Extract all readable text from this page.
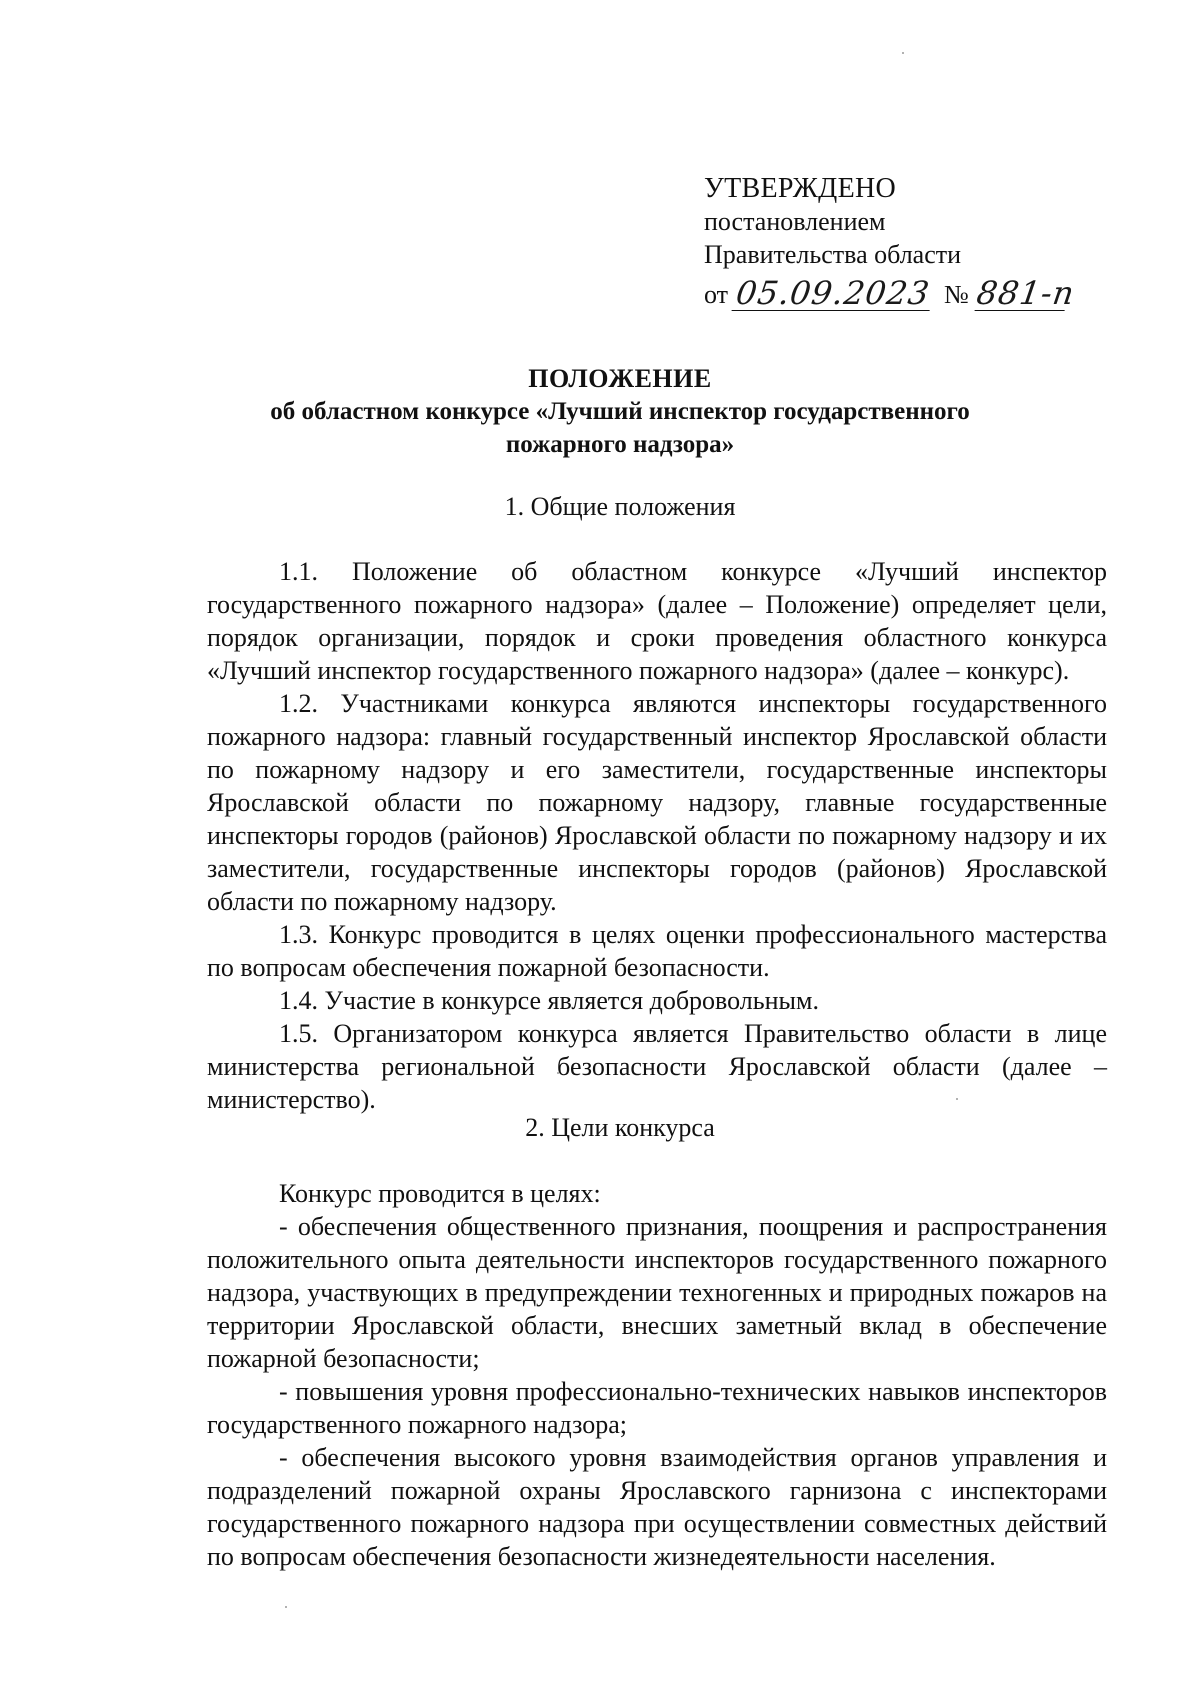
УТВЕРЖДЕНО
постановлением
Правительства области
от 05.09.2023 № 881-п
ПОЛОЖЕНИЕ
об областном конкурсе «Лучший инспектор государственного
пожарного надзора»
1. Общие положения

1.1. Положение об областном конкурсе «Лучший инспектор государственного пожарного надзора» (далее – Положение) определяет цели, порядок организации, порядок и сроки проведения областного конкурса «Лучший инспектор государственного пожарного надзора» (далее – конкурс).

1.2. Участниками конкурса являются инспекторы государственного пожарного надзора: главный государственный инспектор Ярославской области по пожарному надзору и его заместители, государственные инспекторы Ярославской области по пожарному надзору, главные государственные инспекторы городов (районов) Ярославской области по пожарному надзору и их заместители, государственные инспекторы городов (районов) Ярославской области по пожарному надзору.

1.3. Конкурс проводится в целях оценки профессионального мастерства по вопросам обеспечения пожарной безопасности.

1.4. Участие в конкурсе является добровольным.

1.5. Организатором конкурса является Правительство области в лице министерства региональной безопасности Ярославской области (далее – министерство).

2. Цели конкурса

Конкурс проводится в целях:

- обеспечения общественного признания, поощрения и распространения положительного опыта деятельности инспекторов государственного пожарного надзора, участвующих в предупреждении техногенных и природных пожаров на территории Ярославской области, внесших заметный вклад в обеспечение пожарной безопасности;

- повышения уровня профессионально-технических навыков инспекторов государственного пожарного надзора;

- обеспечения высокого уровня взаимодействия органов управления и подразделений пожарной охраны Ярославского гарнизона с инспекторами государственного пожарного надзора при осуществлении совместных действий по вопросам обеспечения безопасности жизнедеятельности населения.
